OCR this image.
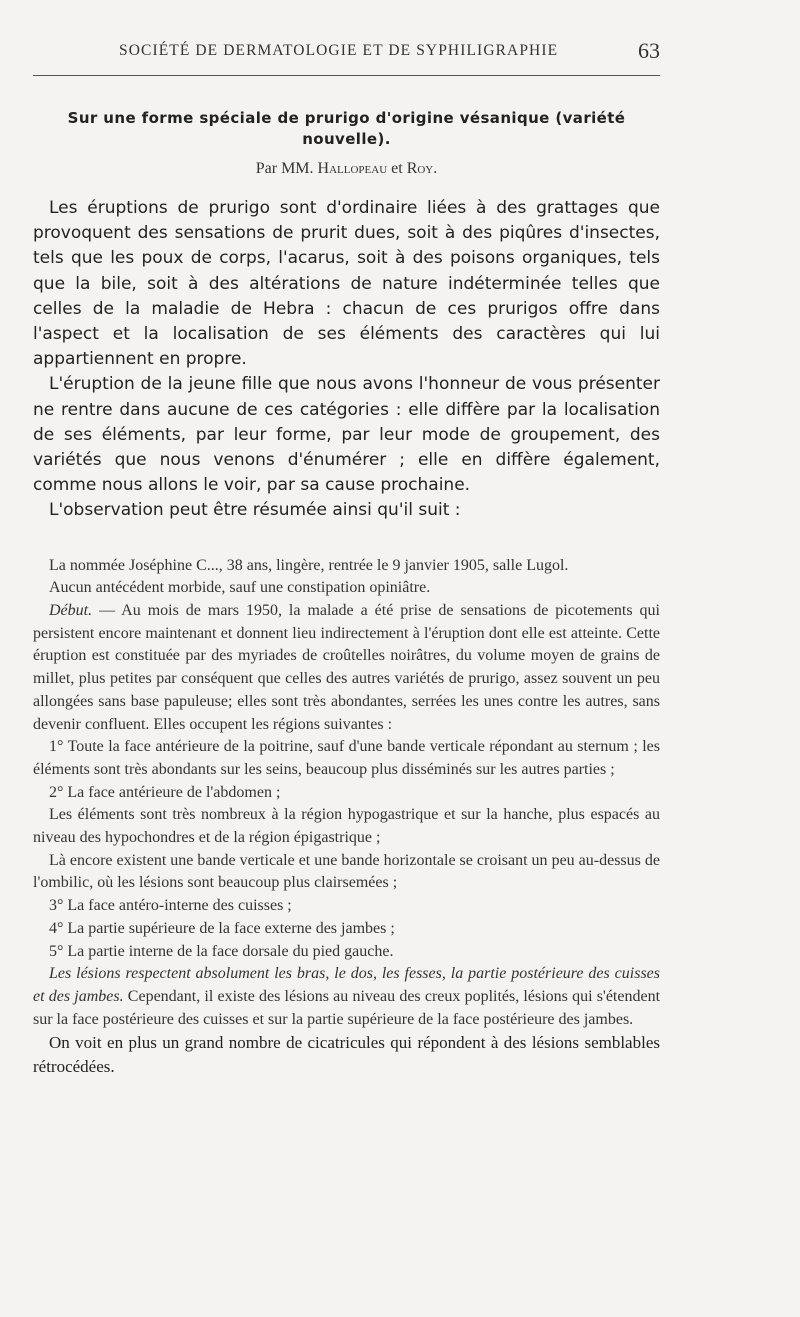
SOCIÉTÉ DE DERMATOLOGIE ET DE SYPHILIGRAPHIE	63
Sur une forme spéciale de prurigo d'origine vésanique (variété nouvelle).
Par MM. Hallopeau et Roy.

Les éruptions de prurigo sont d'ordinaire liées à des grattages que provoquent des sensations de prurit dues, soit à des piqûres d'insectes, tels que les poux de corps, l'acarus, soit à des poisons organiques, tels que la bile, soit à des altérations de nature indéterminée telles que celles de la maladie de Hebra : chacun de ces prurigos offre dans l'aspect et la localisation de ses éléments des caractères qui lui appartiennent en propre.

L'éruption de la jeune fille que nous avons l'honneur de vous présenter ne rentre dans aucune de ces catégories : elle diffère par la localisation de ses éléments, par leur forme, par leur mode de groupement, des variétés que nous venons d'énumérer ; elle en diffère également, comme nous allons le voir, par sa cause prochaine.

L'observation peut être résumée ainsi qu'il suit :

La nommée Joséphine C..., 38 ans, lingère, rentrée le 9 janvier 1905, salle Lugol.

Aucun antécédent morbide, sauf une constipation opiniâtre.

Début. — Au mois de mars 1950, la malade a été prise de sensations de picotements qui persistent encore maintenant et donnent lieu indirectement à l'éruption dont elle est atteinte. Cette éruption est constituée par des myriades de croûtelles noirâtres, du volume moyen de grains de millet, plus petites par conséquent que celles des autres variétés de prurigo, assez souvent un peu allongées sans base papuleuse; elles sont très abondantes, serrées les unes contre les autres, sans devenir confluent. Elles occupent les régions suivantes :

1° Toute la face antérieure de la poitrine, sauf d'une bande verticale répondant au sternum ; les éléments sont très abondants sur les seins, beaucoup plus disséminés sur les autres parties ;

2° La face antérieure de l'abdomen ;

Les éléments sont très nombreux à la région hypogastrique et sur la hanche, plus espacés au niveau des hypochondres et de la région épigastrique ;

Là encore existent une bande verticale et une bande horizontale se croisant un peu au-dessus de l'ombilic, où les lésions sont beaucoup plus clairsemées ;

3° La face antéro-interne des cuisses ;

4° La partie supérieure de la face externe des jambes ;

5° La partie interne de la face dorsale du pied gauche.

Les lésions respectent absolument les bras, le dos, les fesses, la partie postérieure des cuisses et des jambes. Cependant, il existe des lésions au niveau des creux poplités, lésions qui s'étendent sur la face postérieure des cuisses et sur la partie supérieure de la face postérieure des jambes.

On voit en plus un grand nombre de cicatricules qui répondent à des lésions semblables rétrocédées.
